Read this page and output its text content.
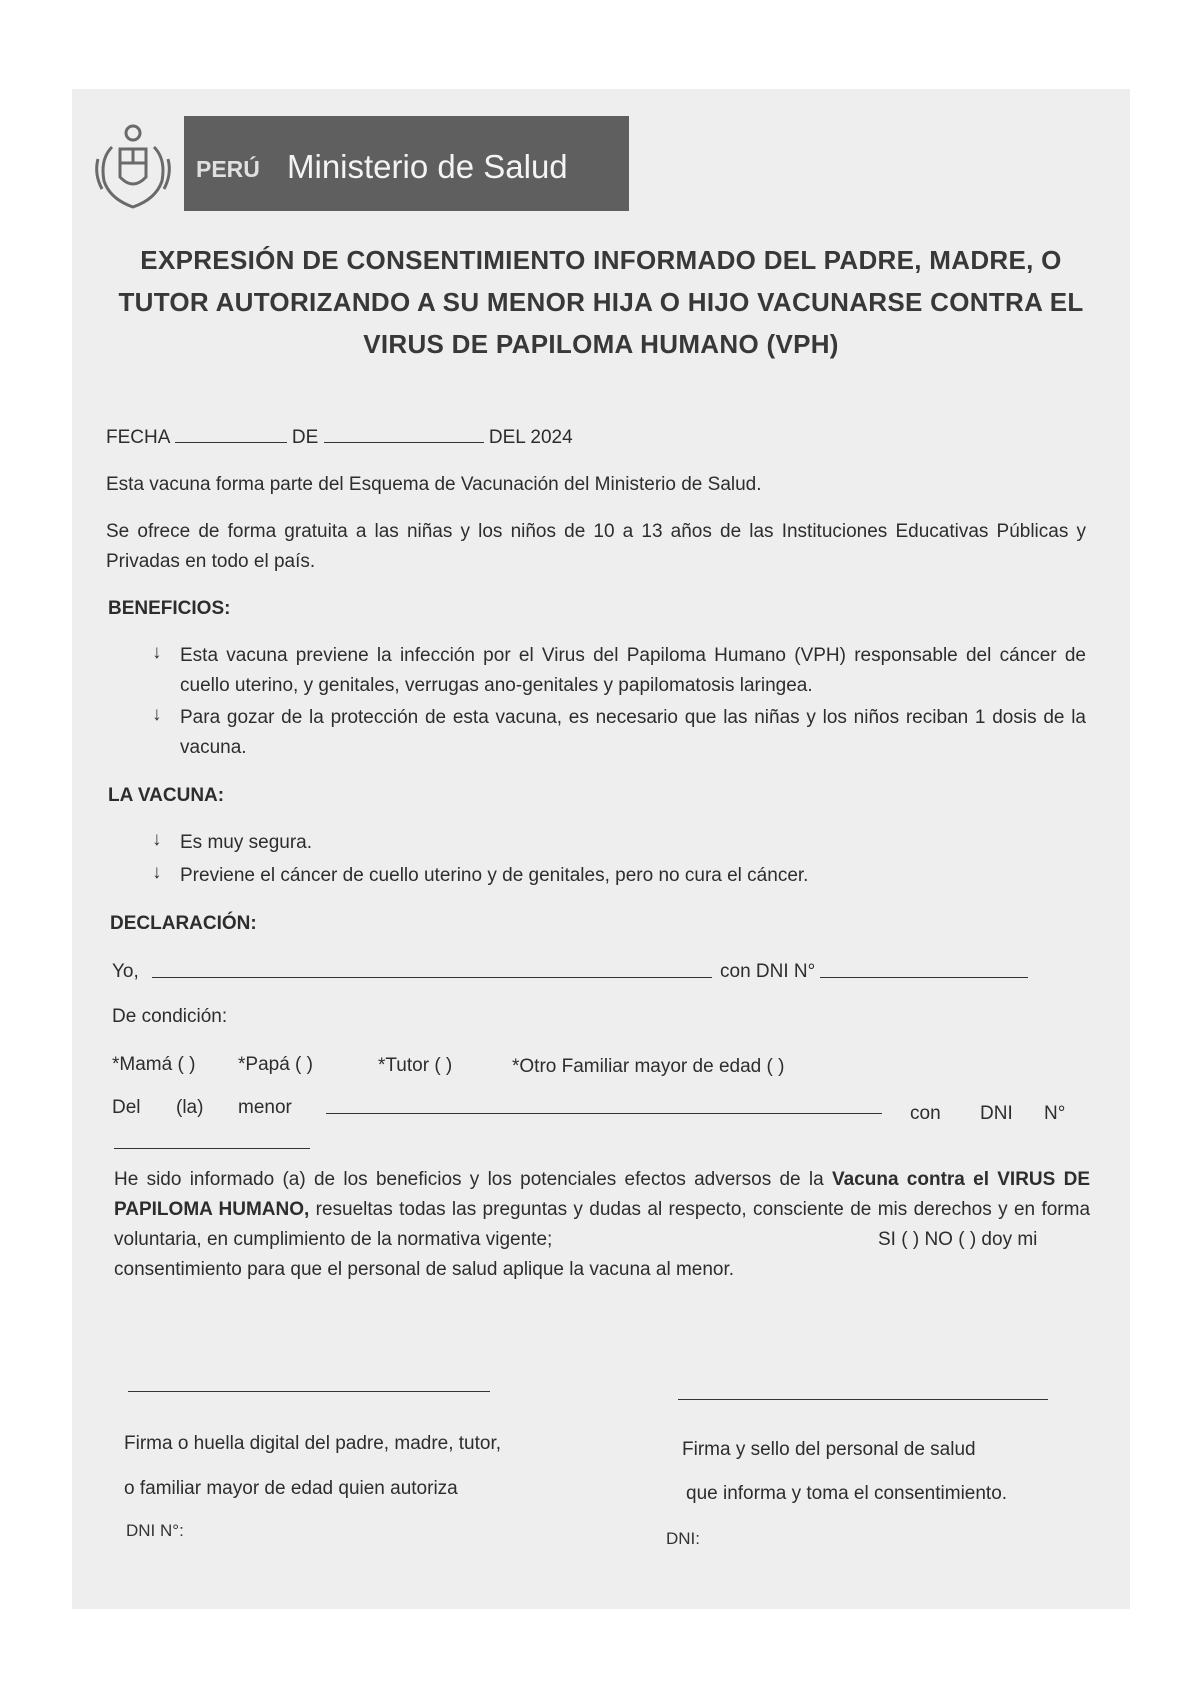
PERÚ Ministerio de Salud
EXPRESIÓN DE CONSENTIMIENTO INFORMADO DEL PADRE, MADRE, O
TUTOR AUTORIZANDO A SU MENOR HIJA O HIJO VACUNARSE CONTRA EL
VIRUS DE PAPILOMA HUMANO (VPH)
FECHA	DE	DEL 2024
Esta vacuna forma parte del Esquema de Vacunación del Ministerio de Salud.
Se ofrece de forma gratuita a las niñas y los niños de 10 a 13 años de las Instituciones Educativas Públicas y Privadas en todo el país.
BENEFICIOS:
↓ Esta vacuna previene la infección por el Virus del Papiloma Humano (VPH) responsable del cáncer de cuello uterino, y genitales, verrugas ano-genitales y papilomatosis laringea.
↓ Para gozar de la protección de esta vacuna, es necesario que las niñas y los niños reciban 1 dosis de la vacuna.
LA VACUNA:
↓ Es muy segura.
↓ Previene el cáncer de cuello uterino y de genitales, pero no cura el cáncer.
DECLARACIÓN:
Yo,	con DNI N°
De condición:
*Mamá ( ) *Papá ( )	*Tutor ( )	*Otro Familiar mayor de edad ( )
Del (la) menor	con DNI N°
He sido informado (a) de los beneficios y los potenciales efectos adversos de la Vacuna contra el VIRUS DE PAPILOMA HUMANO, resueltas todas las preguntas y dudas al respecto, consciente de mis derechos y en forma voluntaria, en cumplimiento de la normativa vigente;	SI ( ) NO ( ) doy mi
consentimiento para que el personal de salud aplique la vacuna al menor.
Firma o huella digital del padre, madre, tutor,
o familiar mayor de edad quien autoriza
DNI N°:
Firma y sello del personal de salud
que informa y toma el consentimiento.
DNI:
